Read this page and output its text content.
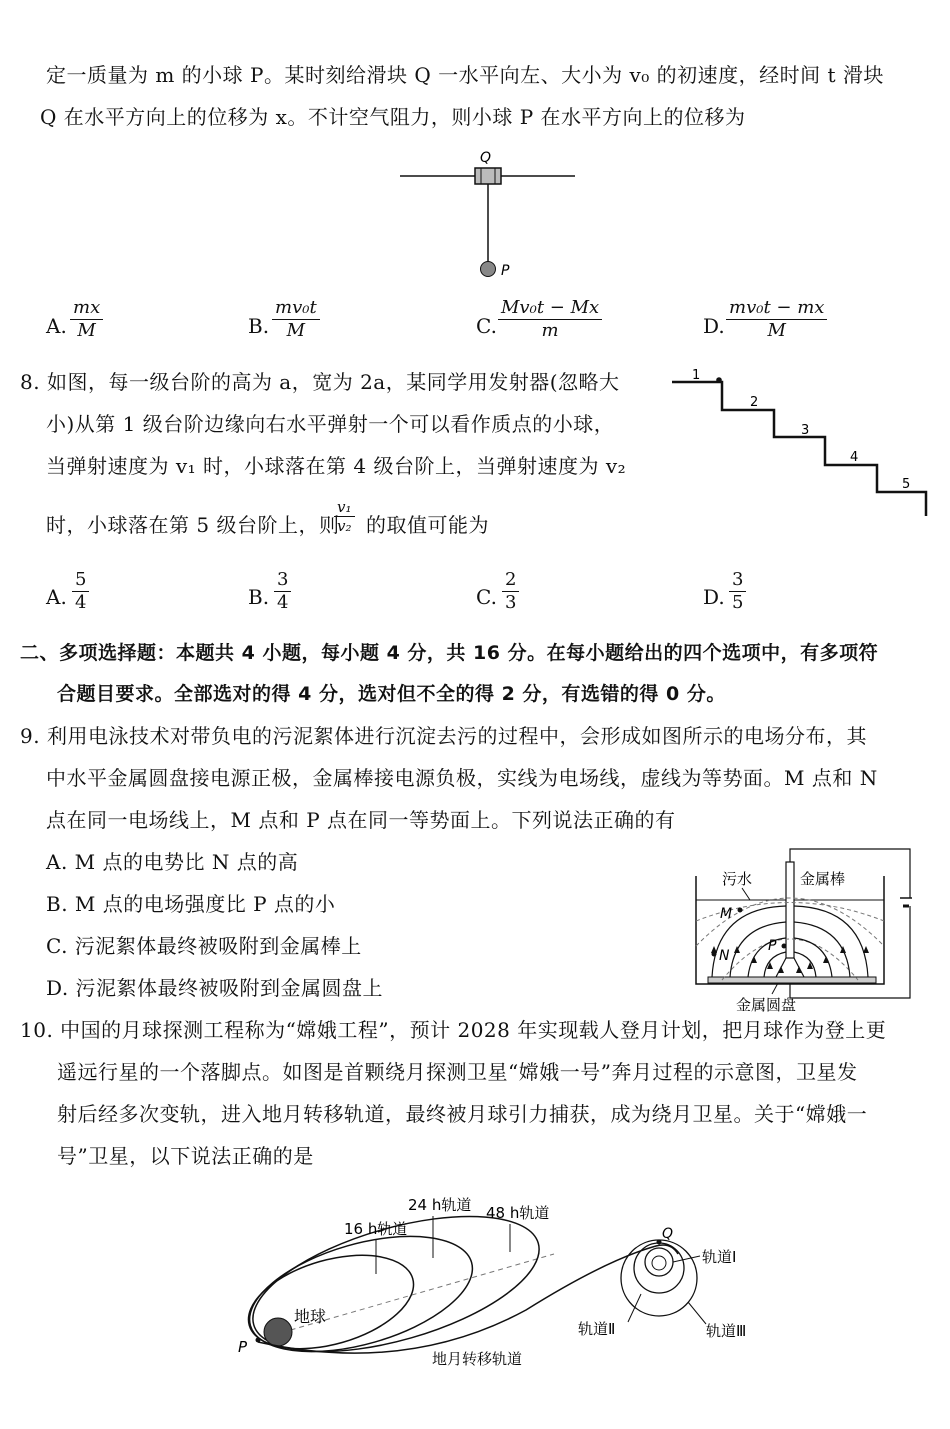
定一质量为 m 的小球 P。某时刻给滑块 Q 一水平向左、大小为 v₀ 的初速度，经时间 t 滑块
Q 在水平方向上的位移为 x。不计空气阻力，则小球 P 在水平方向上的位移为
Q
P
A. $\frac{mx}{M}$	B. $\frac{\text{mv₀t}}{M}$	C. $\frac{\text{Mv₀t − Mx}}{m}$	D. $\frac{\text{mv₀t − mx}}{M}$
8. 如图，每一级台阶的高为 a，宽为 2a，某同学用发射器(忽略大
小)从第 1 级台阶边缘向右水平弹射一个可以看作质点的小球，
当弹射速度为 v₁ 时，小球落在第 4 级台阶上，当弹射速度为 v₂
时，小球落在第 5 级台阶上，则
$\frac{\text{v₁}}{\text{v₂}}$ 的取值可能为
1
2
3
4
5
A. $\frac{5}{4}$	B. $\frac{3}{4}$	C. $\frac{2}{3}$	D. $\frac{3}{5}$
二、多项选择题：本题共 4 小题，每小题 4 分，共 16 分。在每小题给出的四个选项中，有多项符
合题目要求。全部选对的得 4 分，选对但不全的得 2 分，有选错的得 0 分。
9. 利用电泳技术对带负电的污泥絮体进行沉淀去污的过程中，会形成如图所示的电场分布，其
中水平金属圆盘接电源正极，金属棒接电源负极，实线为电场线，虚线为等势面。M 点和 N
点在同一电场线上，M 点和 P 点在同一等势面上。下列说法正确的有
A. M 点的电势比 N 点的高
B. M 点的电场强度比 P 点的小
C. 污泥絮体最终被吸附到金属棒上
D. 污泥絮体最终被吸附到金属圆盘上
污水	金属棒
M
N
P
金属圆盘
10. 中国的月球探测工程称为“嫦娥工程”，预计 2028 年实现载人登月计划，把月球作为登上更
遥远行星的一个落脚点。如图是首颗绕月探测卫星“嫦娥一号”奔月过程的示意图，卫星发
射后经多次变轨，进入地月转移轨道，最终被月球引力捕获，成为绕月卫星。关于“嫦娥一
号”卫星，以下说法正确的是
16 h轨道
24 h轨道 48 h轨道
地球
P
Q
轨道Ⅰ
轨道Ⅱ	轨道Ⅲ
地月转移轨道
